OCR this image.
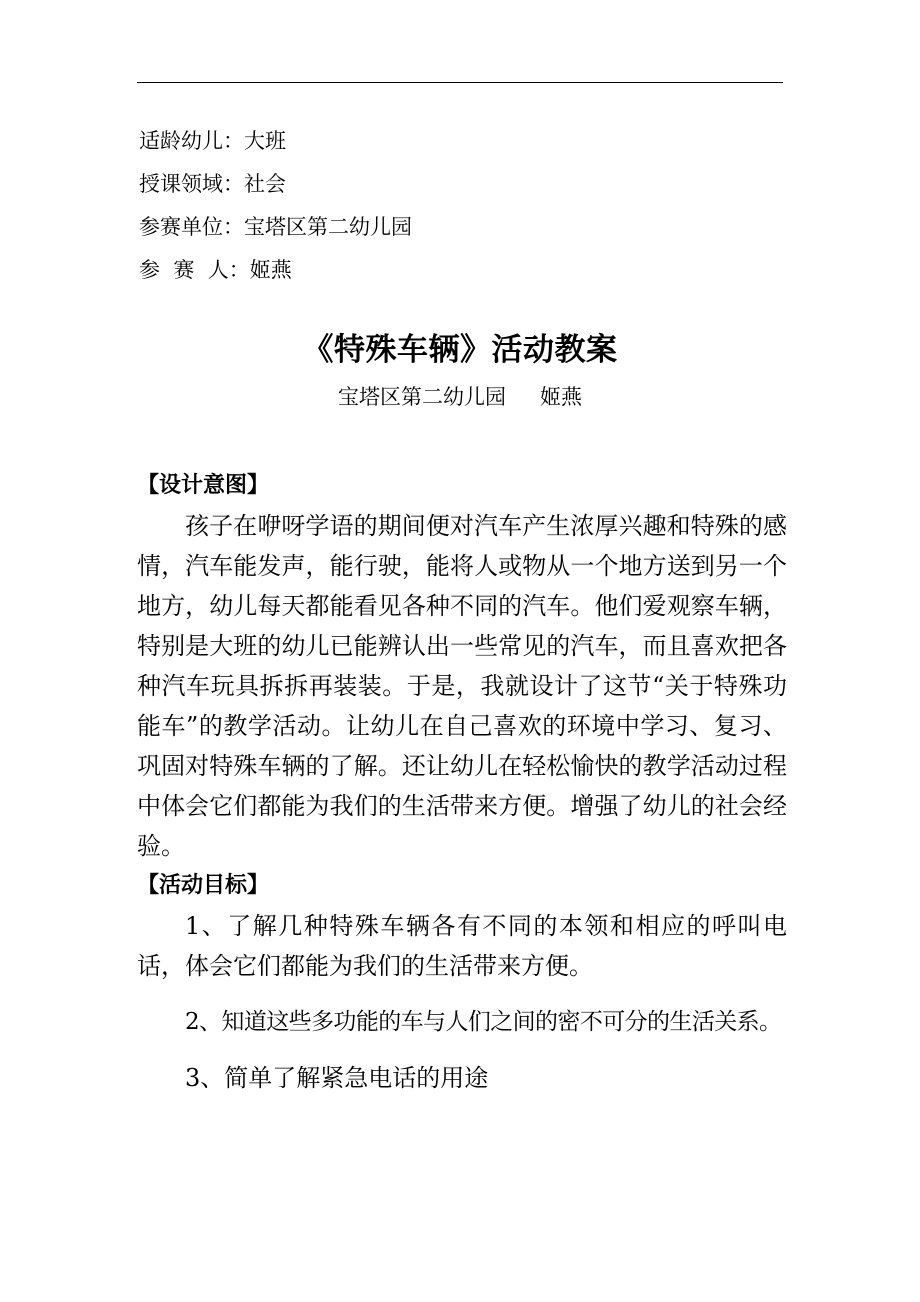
适龄幼儿：大班
授课领域：社会
参赛单位：宝塔区第二幼儿园
参  赛  人：姬燕
《特殊车辆》活动教案
宝塔区第二幼儿园 姬燕
【设计意图】
孩子在咿呀学语的期间便对汽车产生浓厚兴趣和特殊的感情，汽车能发声，能行驶，能将人或物从一个地方送到另一个地方，幼儿每天都能看见各种不同的汽车。他们爱观察车辆，特别是大班的幼儿已能辨认出一些常见的汽车，而且喜欢把各种汽车玩具拆拆再装装。于是，我就设计了这节“关于特殊功能车”的教学活动。让幼儿在自己喜欢的环境中学习、复习、巩固对特殊车辆的了解。还让幼儿在轻松愉快的教学活动过程中体会它们都能为我们的生活带来方便。增强了幼儿的社会经验。
【活动目标】
1、了解几种特殊车辆各有不同的本领和相应的呼叫电话，体会它们都能为我们的生活带来方便。
2、知道这些多功能的车与人们之间的密不可分的生活关系。
3、简单了解紧急电话的用途
